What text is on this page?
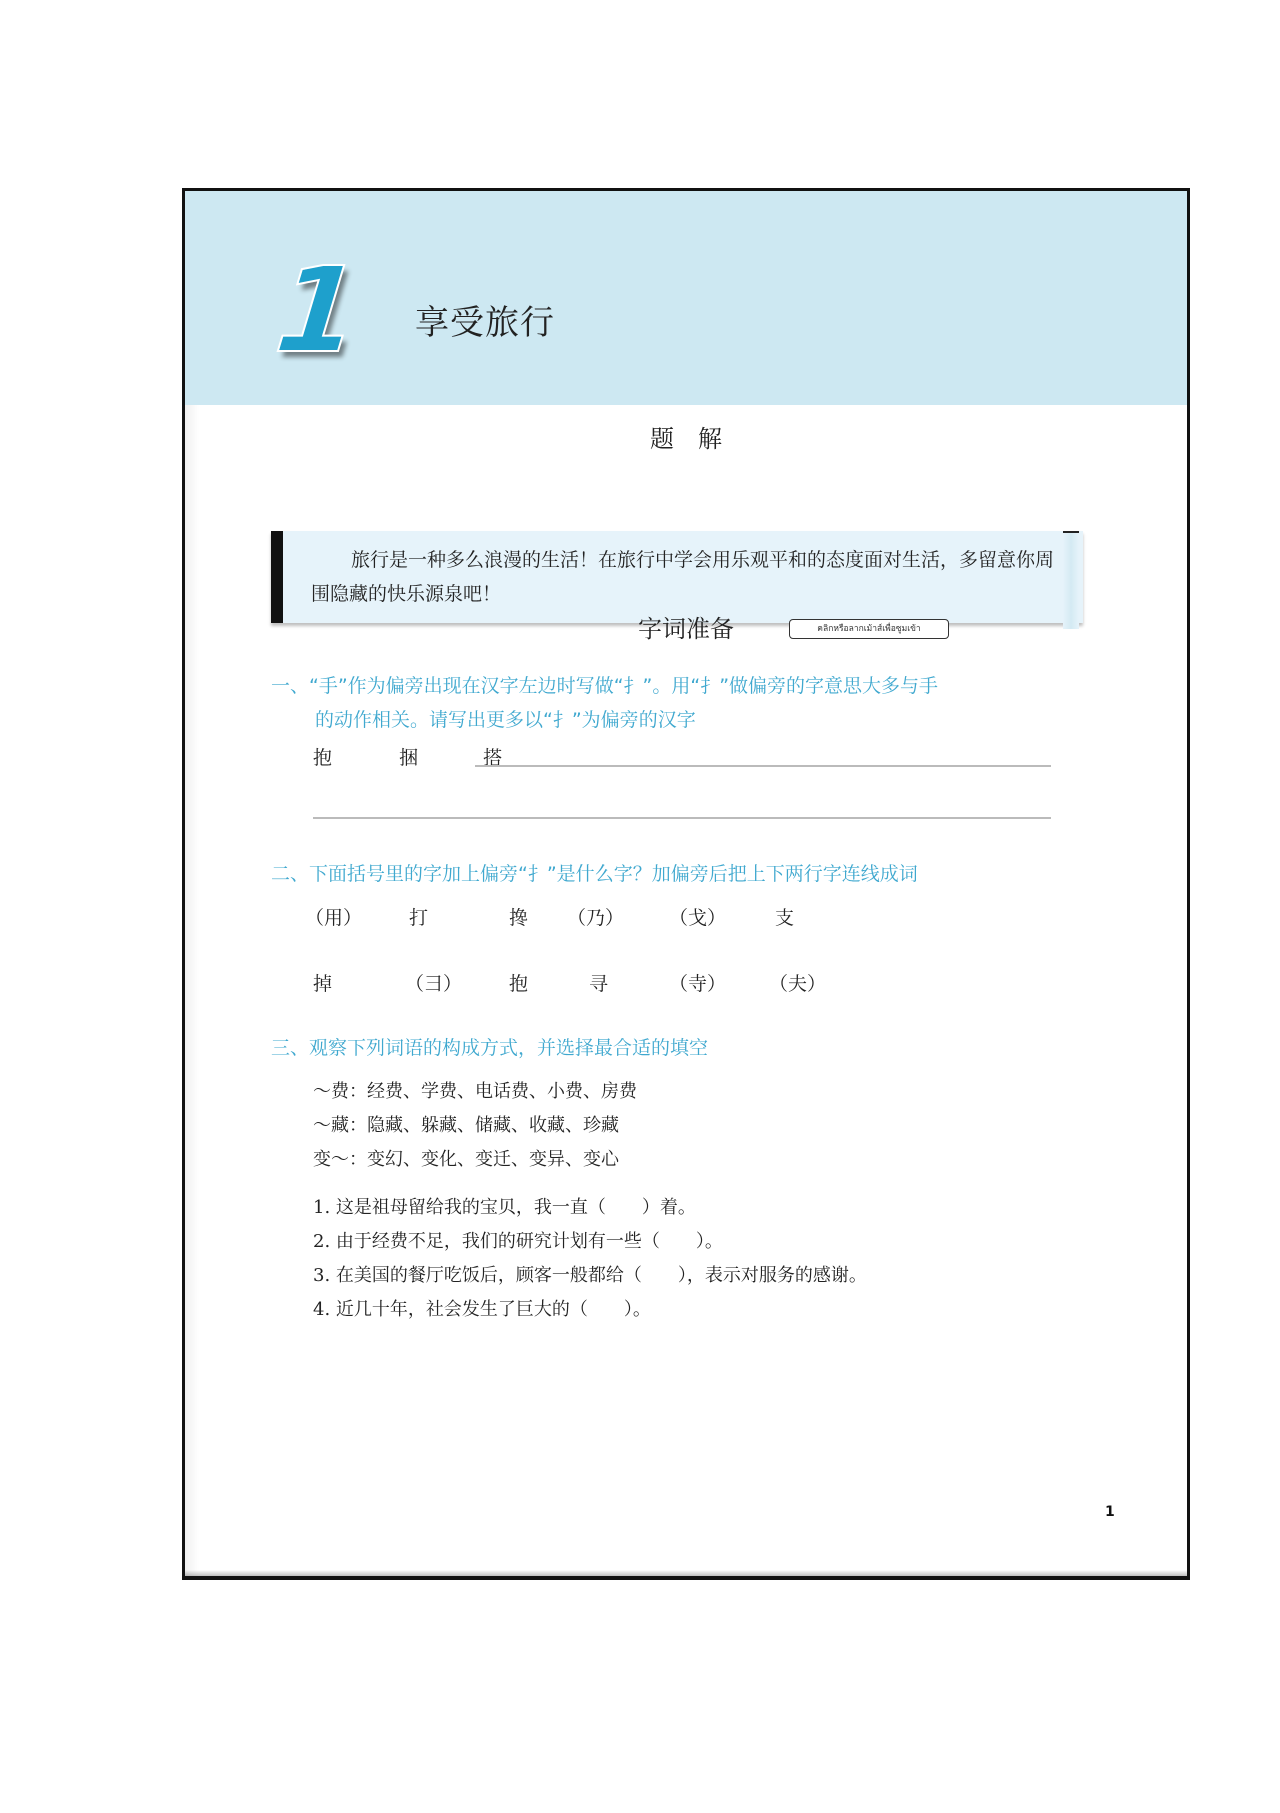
1 享受旅行
题　解
旅行是一种多么浪漫的生活！在旅行中学会用乐观平和的态度面对生活，多留意你周围隐藏的快乐源泉吧！
คลิกหรือลากเม้าส์เพื่อซูมเข้า
字词准备
一、“手”作为偏旁出现在汉字左边时写做“扌”。用“扌”做偏旁的字意思大多与手
的动作相关。请写出更多以“扌”为偏旁的汉字
抱	捆	搭
二、下面括号里的字加上偏旁“扌”是什么字？加偏旁后把上下两行字连线成词
（用） 打	搀 （乃） （戈）	支
掉	（彐） 抱	寻	（寺） （夫）
三、观察下列词语的构成方式，并选择最合适的填空
～费：经费、学费、电话费、小费、房费
～藏：隐藏、躲藏、储藏、收藏、珍藏
变～：变幻、变化、变迁、变异、变心
1. 这是祖母留给我的宝贝，我一直（　　）着。
2. 由于经费不足，我们的研究计划有一些（　　）。
3. 在美国的餐厅吃饭后，顾客一般都给（　　），表示对服务的感谢。
4. 近几十年，社会发生了巨大的（　　）。
1
